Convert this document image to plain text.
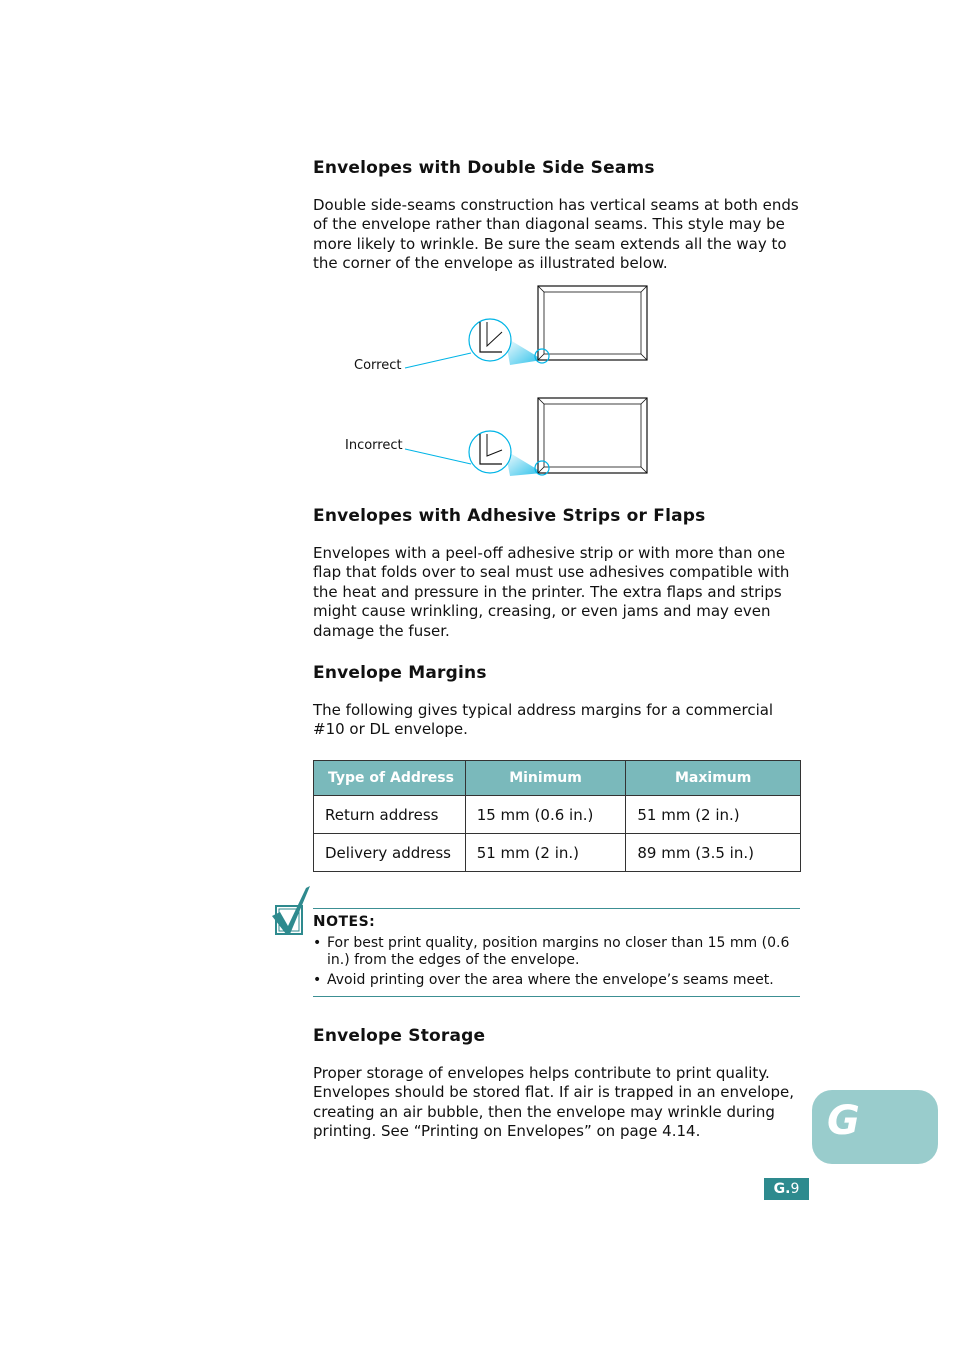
Envelopes with Double Side Seams

Double side-seams construction has vertical seams at both ends of the envelope rather than diagonal seams. This style may be more likely to wrinkle. Be sure the seam extends all the way to the corner of the envelope as illustrated below.

Correct
Incorrect
Envelopes with Adhesive Strips or Flaps

Envelopes with a peel-off adhesive strip or with more than one flap that folds over to seal must use adhesives compatible with the heat and pressure in the printer. The extra flaps and strips might cause wrinkling, creasing, or even jams and may even damage the fuser.

Envelope Margins

The following gives typical address margins for a commercial #10 or DL envelope.

Type of Address	Minimum	Maximum
Return address	15 mm (0.6 in.)	51 mm (2 in.)
Delivery address	51 mm (2 in.)	89 mm (3.5 in.)
NOTES:
• For best print quality, position margins no closer than 15 mm (0.6 in.) from the edges of the envelope.
• Avoid printing over the area where the envelope’s seams meet.
Envelope Storage

Proper storage of envelopes helps contribute to print quality. Envelopes should be stored flat. If air is trapped in an envelope, creating an air bubble, then the envelope may wrinkle during printing. See “Printing on Envelopes” on page 4.14.	G
G.9
